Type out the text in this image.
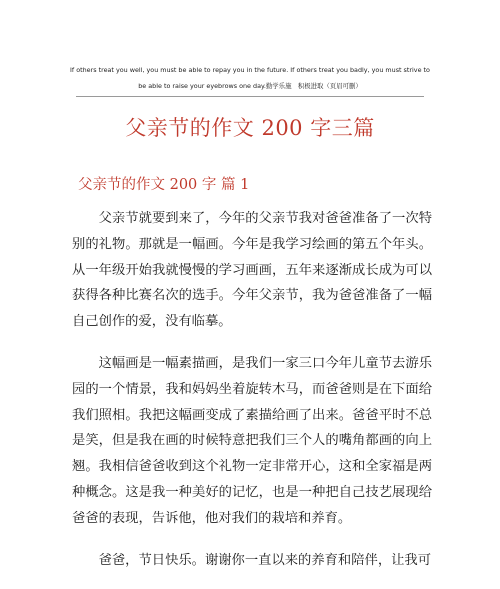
If others treat you well, you must be able to repay you in the future. If others treat you badly, you must strive to
be able to raise your eyebrows one day.勤学乐施　积极进取（页眉可删）
父亲节的作文 200 字三篇
父亲节的作文 200 字 篇 1

父亲节就要到来了，今年的父亲节我对爸爸准备了一次特别的礼物。那就是一幅画。今年是我学习绘画的第五个年头。从一年级开始我就慢慢的学习画画，五年来逐渐成长成为可以获得各种比赛名次的选手。今年父亲节，我为爸爸准备了一幅自己创作的爱，没有临摹。

这幅画是一幅素描画，是我们一家三口今年儿童节去游乐园的一个情景，我和妈妈坐着旋转木马，而爸爸则是在下面给我们照相。我把这幅画变成了素描给画了出来。爸爸平时不总是笑，但是我在画的时候特意把我们三个人的嘴角都画的向上翘。我相信爸爸收到这个礼物一定非常开心，这和全家福是两种概念。这是我一种美好的记忆，也是一种把自己技艺展现给爸爸的表现，告诉他，他对我们的栽培和养育。

爸爸，节日快乐。谢谢你一直以来的养育和陪伴，让我可
